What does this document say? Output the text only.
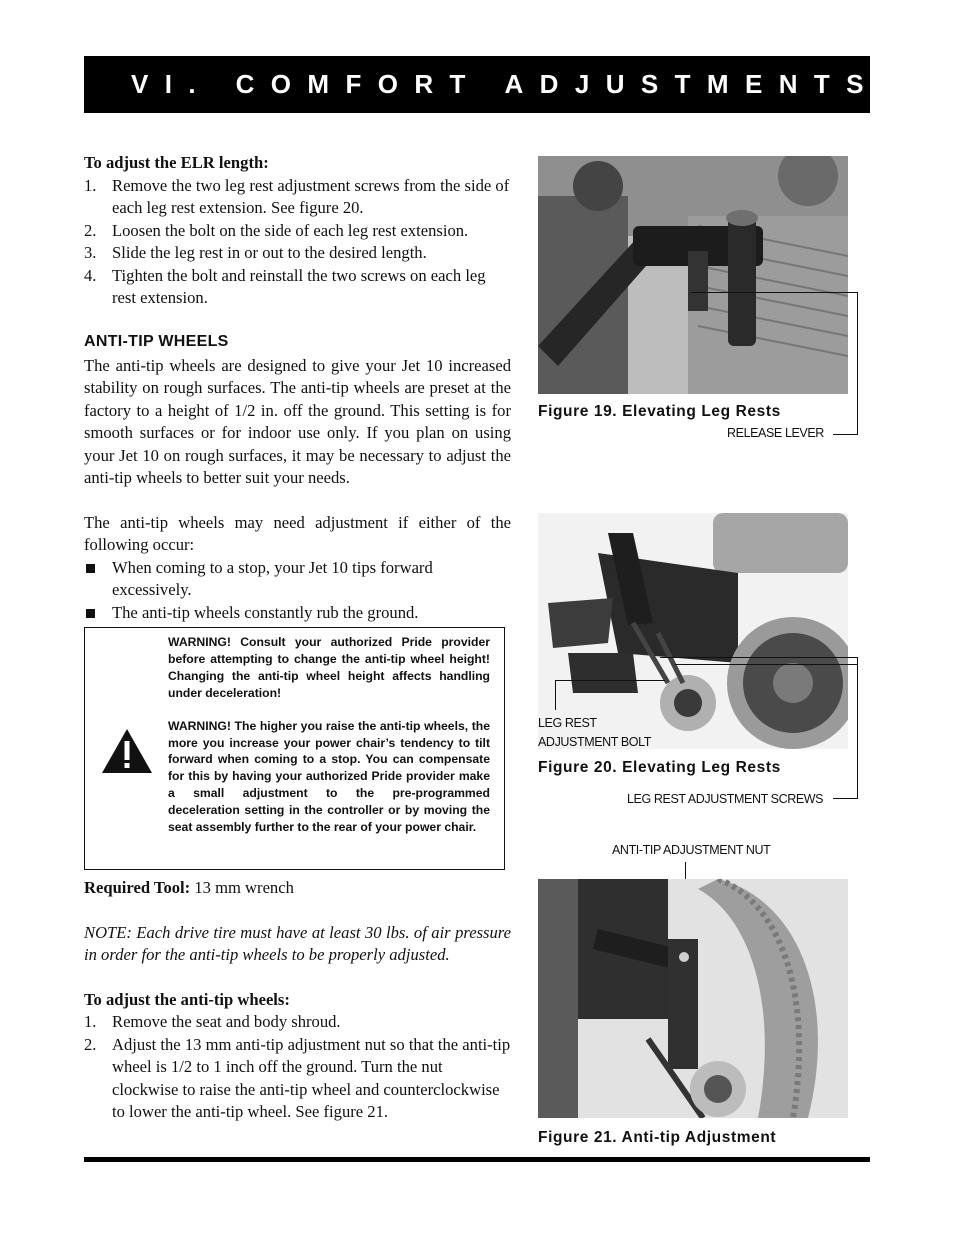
VI. COMFORT ADJUSTMENTS

To adjust the ELR length:

1. Remove the two leg rest adjustment screws from the side of each leg rest extension. See figure 20.
2. Loosen the bolt on the side of each leg rest extension.
3. Slide the leg rest in or out to the desired length.
4. Tighten the bolt and reinstall the two screws on each leg rest extension.

ANTI-TIP WHEELS

The anti-tip wheels are designed to give your Jet 10 increased stability on rough surfaces. The anti-tip wheels are preset at the factory to a height of 1/2 in. off the ground. This setting is for smooth surfaces or for indoor use only. If you plan on using your Jet 10 on rough surfaces, it may be necessary to adjust the anti-tip wheels to better suit your needs.

The anti-tip wheels may need adjustment if either of the following occur:

When coming to a stop, your Jet 10 tips forward excessively.
The anti-tip wheels constantly rub the ground.

WARNING! Consult your authorized Pride provider before attempting to change the anti-tip wheel height! Changing the anti-tip wheel height affects handling under deceleration!

WARNING! The higher you raise the anti-tip wheels, the more you increase your power chair’s tendency to tilt forward when coming to a stop. You can compensate for this by having your authorized Pride provider make a small adjustment to the pre-programmed deceleration setting in the controller or by moving the seat assembly further to the rear of your power chair.

Required Tool: 13 mm wrench

NOTE: Each drive tire must have at least 30 lbs. of air pressure in order for the anti-tip wheels to be properly adjusted.

To adjust the anti-tip wheels:

1. Remove the seat and body shroud.
2. Adjust the 13 mm anti-tip adjustment nut so that the anti-tip wheel is 1/2 to 1 inch off the ground. Turn the nut clockwise to raise the anti-tip wheel and counterclockwise to lower the anti-tip wheel. See figure 21.
Figure 19. Elevating Leg Rests
RELEASE LEVER
Figure 20. Elevating Leg Rests
LEG REST
ADJUSTMENT BOLT
LEG REST ADJUSTMENT SCREWS
ANTI-TIP ADJUSTMENT NUT
Figure 21. Anti-tip Adjustment
